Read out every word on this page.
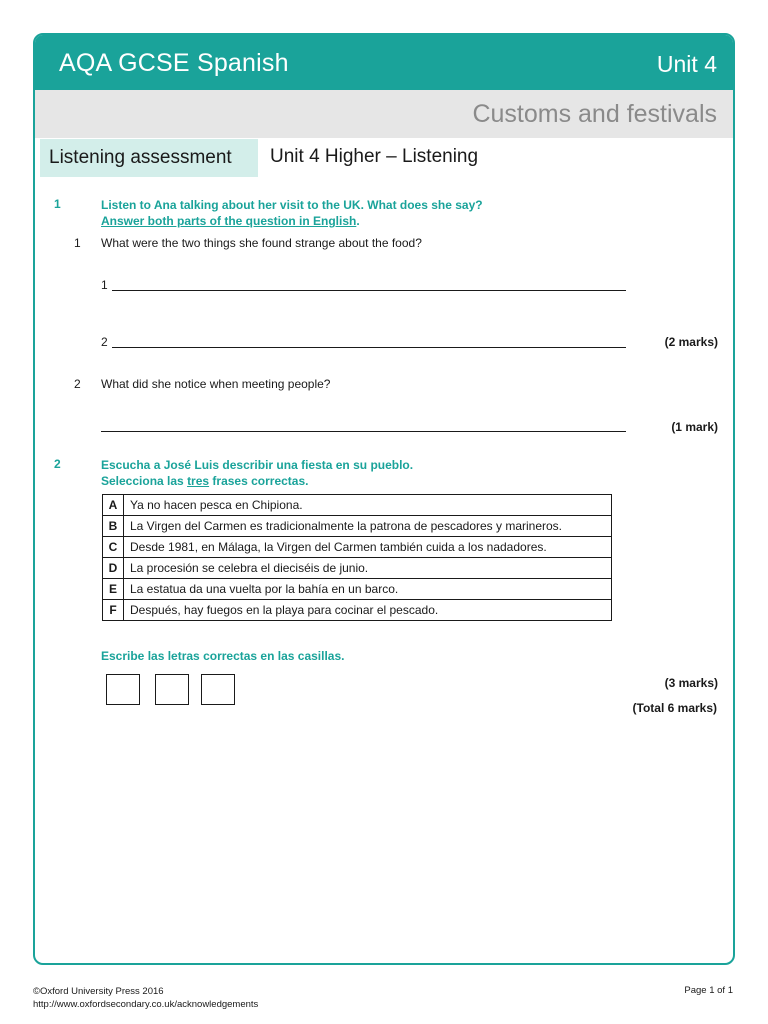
AQA GCSE Spanish	Unit 4
Customs and festivals
Listening assessment Unit 4 Higher – Listening
1	Listen to Ana talking about her visit to the UK. What does she say?
Answer both parts of the question in English.
1 What were the two things she found strange about the food?
1
2	(2 marks)
2 What did she notice when meeting people?
(1 mark)
2	Escucha a José Luis describir una fiesta en su pueblo.
Selecciona las tres frases correctas.
A	Ya no hacen pesca en Chipiona.
B	La Virgen del Carmen es tradicionalmente la patrona de pescadores y marineros.
C	Desde 1981, en Málaga, la Virgen del Carmen también cuida a los nadadores.
D	La procesión se celebra el dieciséis de junio.
E	La estatua da una vuelta por la bahía en un barco.
F	Después, hay fuegos en la playa para cocinar el pescado.
Escribe las letras correctas en las casillas.
(3 marks)
(Total 6 marks)
©Oxford University Press 2016
http://www.oxfordsecondary.co.uk/acknowledgements
Page 1 of 1
